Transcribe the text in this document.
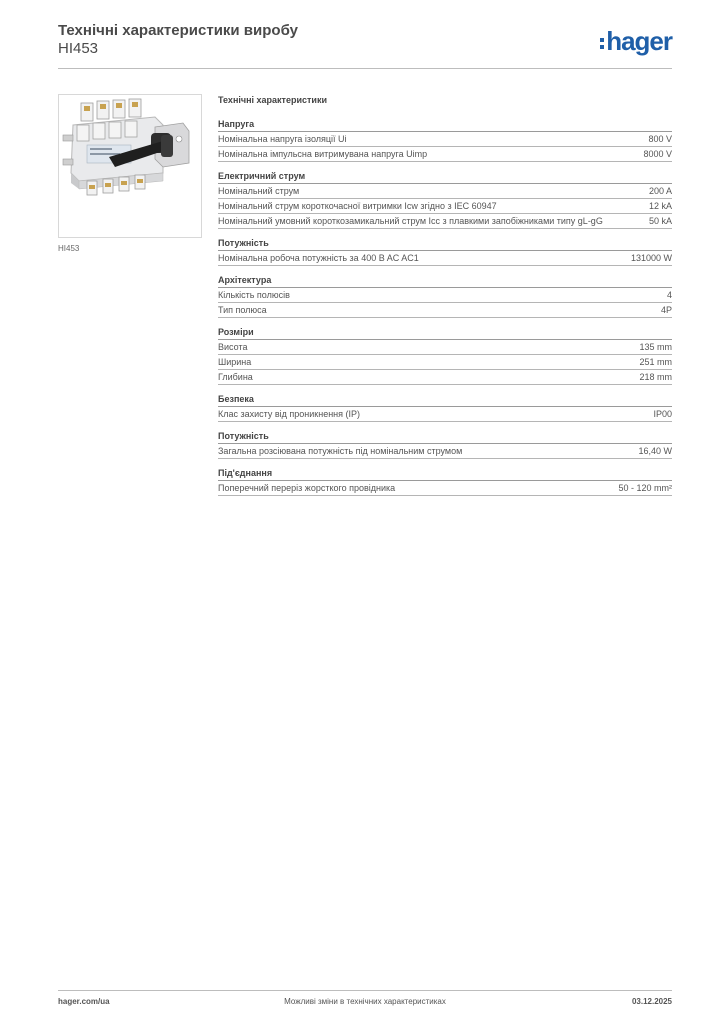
Технічні характеристики виробу
HI453	hager
HI453
Технічні характеристики
Напруга
Номінальна напруга ізоляції Ui	800 V
Номінальна імпульсна витримувана напруга Uimp	8000 V
Електричний струм
Номінальний струм	200 A
Номінальний струм короткочасної витримки Icw згідно з IEC 60947	12 kA
Номінальний умовний короткозамикальний струм Icc з плавкими запобіжниками типу gL-gG	50 kA
Потужність
Номінальна робоча потужність за 400 B AC AC1	131000 W
Архітектура
Кількість полюсів	4
Тип полюса	4P
Розміри
Висота	135 mm
Ширина	251 mm
Глибина	218 mm
Безпека
Клас захисту від проникнення (IP)	IP00
Потужність
Загальна розсіювана потужність під номінальним струмом	16,40 W
Під'єднання
Поперечний переріз жорсткого провідника	50 - 120 mm²
hager.com/ua	Можливі зміни в технічних характеристиках	03.12.2025
